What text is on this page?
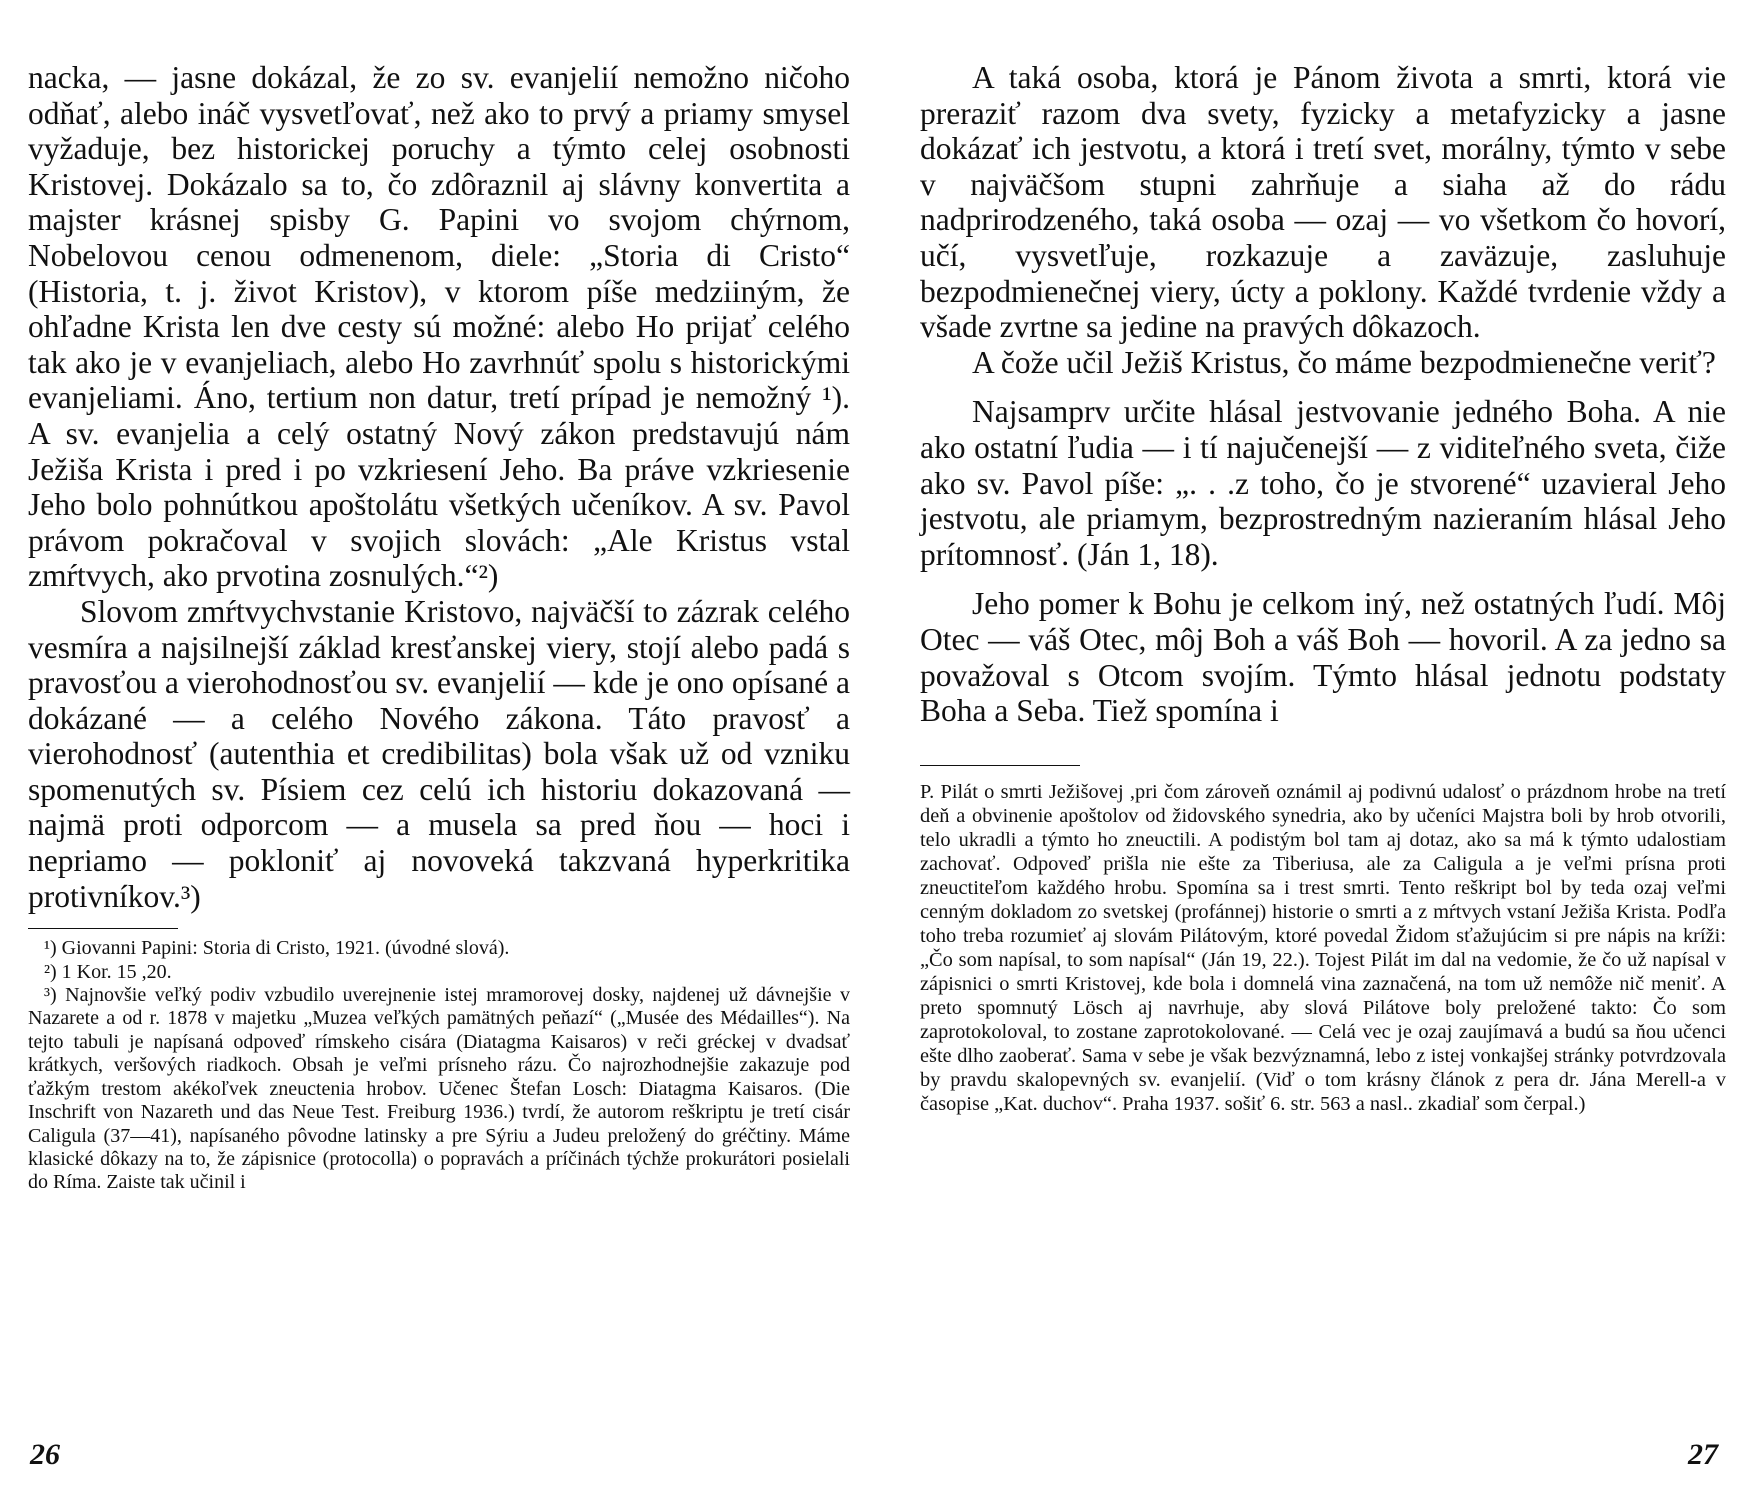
nacka, — jasne dokázal, že zo sv. evanjelií nemožno ničoho odňať, alebo ináč vysvetľovať, než ako to prvý a priamy smysel vyžaduje, bez historickej poruchy a týmto celej osobnosti Kristovej. Dokázalo sa to, čo zdôraznil aj slávny konvertita a majster krásnej spisby G. Papini vo svojom chýrnom, Nobelovou cenou odmenenom, diele: „Storia di Cristo“ (Historia, t. j. život Kristov), v ktorom píše medziiným, že ohľadne Krista len dve cesty sú možné: alebo Ho prijať celého tak ako je v evanjeliach, alebo Ho zavrhnúť spolu s historickými evanjeliami. Áno, tertium non datur, tretí prípad je nemožný ¹). A sv. evanjelia a celý ostatný Nový zákon predstavujú nám Ježiša Krista i pred i po vzkriesení Jeho. Ba práve vzkriesenie Jeho bolo pohnútkou apoštolátu všetkých učeníkov. A sv. Pavol právom pokračoval v svojich slovách: „Ale Kristus vstal zmŕtvych, ako prvotina zosnulých.“²)

Slovom zmŕtvychvstanie Kristovo, najväčší to zázrak celého vesmíra a najsilnejší základ kresťanskej viery, stojí alebo padá s pravosťou a vierohodnosťou sv. evanjelií — kde je ono opísané a dokázané — a celého Nového zákona. Táto pravosť a vierohodnosť (autenthia et credibilitas) bola však už od vzniku spomenutých sv. Písiem cez celú ich historiu dokazovaná — najmä proti odporcom — a musela sa pred ňou — hoci i nepriamo — pokloniť aj novoveká takzvaná hyperkritika protivníkov.³)

¹) Giovanni Papini: Storia di Cristo, 1921. (úvodné slová).

²) 1 Kor. 15 ,20.

³) Najnovšie veľký podiv vzbudilo uverejnenie istej mramorovej dosky, najdenej už dávnejšie v Nazarete a od r. 1878 v majetku „Muzea veľkých pamätných peňazí“ („Musée des Médailles“). Na tejto tabuli je napísaná odpoveď rímskeho cisára (Diatagma Kaisaros) v reči gréckej v dvadsať krátkych, veršových riadkoch. Obsah je veľmi prísneho rázu. Čo najrozhodnejšie zakazuje pod ťažkým trestom akékoľvek zneuctenia hrobov. Učenec Štefan Losch: Diatagma Kaisaros. (Die Inschrift von Nazareth und das Neue Test. Freiburg 1936.) tvrdí, že autorom reškriptu je tretí cisár Caligula (37—41), napísaného pôvodne latinsky a pre Sýriu a Judeu preložený do gréčtiny. Máme klasické dôkazy na to, že zápisnice (protocolla) o popravách a príčinách týchže prokurátori posielali do Ríma. Zaiste tak učinil i

A taká osoba, ktorá je Pánom života a smrti, ktorá vie preraziť razom dva svety, fyzicky a metafyzicky a jasne dokázať ich jestvotu, a ktorá i tretí svet, morálny, týmto v sebe v najväčšom stupni zahrňuje a siaha až do rádu nadprirodzeného, taká osoba — ozaj — vo všetkom čo hovorí, učí, vysvetľuje, rozkazuje a zaväzuje, zasluhuje bezpodmienečnej viery, úcty a poklony. Každé tvrdenie vždy a všade zvrtne sa jedine na pravých dôkazoch.

A čože učil Ježiš Kristus, čo máme bezpodmienečne veriť?

Najsamprv určite hlásal jestvovanie jedného Boha. A nie ako ostatní ľudia — i tí najučenejší — z viditeľného sveta, čiže ako sv. Pavol píše: „. . .z toho, čo je stvorené“ uzavieral Jeho jestvotu, ale priamym, bezprostredným nazieraním hlásal Jeho prítomnosť. (Ján 1, 18).

Jeho pomer k Bohu je celkom iný, než ostatných ľudí. Môj Otec — váš Otec, môj Boh a váš Boh — hovoril. A za jedno sa považoval s Otcom svojím. Týmto hlásal jednotu podstaty Boha a Seba. Tiež spomína i

P. Pilát o smrti Ježišovej ,pri čom zároveň oznámil aj podivnú udalosť o prázdnom hrobe na tretí deň a obvinenie apoštolov od židovského synedria, ako by učeníci Majstra boli by hrob otvorili, telo ukradli a týmto ho zneuctili. A podistým bol tam aj dotaz, ako sa má k týmto udalostiam zachovať. Odpoveď prišla nie ešte za Tiberiusa, ale za Caligula a je veľmi prísna proti zneuctiteľom každého hrobu. Spomína sa i trest smrti. Tento reškript bol by teda ozaj veľmi cenným dokladom zo svetskej (profánnej) historie o smrti a z mŕtvych vstaní Ježiša Krista. Podľa toho treba rozumieť aj slovám Pilátovým, ktoré povedal Židom sťažujúcim si pre nápis na kríži: „Čo som napísal, to som napísal“ (Ján 19, 22.). Tojest Pilát im dal na vedomie, že čo už napísal v zápisnici o smrti Kristovej, kde bola i domnelá vina zaznačená, na tom už nemôže nič meniť. A preto spomnutý Lösch aj navrhuje, aby slová Pilátove boly preložené takto: Čo som zaprotokoloval, to zostane zaprotokolované. — Celá vec je ozaj zaujímavá a budú sa ňou učenci ešte dlho zaoberať. Sama v sebe je však bezvýznamná, lebo z istej vonkajšej stránky potvrdzovala by pravdu skalopevných sv. evanjelií. (Viď o tom krásny článok z pera dr. Jána Merell-a v časopise „Kat. duchov“. Praha 1937. sošiť 6. str. 563 a nasl.. zkadiaľ som čerpal.)

26	27
